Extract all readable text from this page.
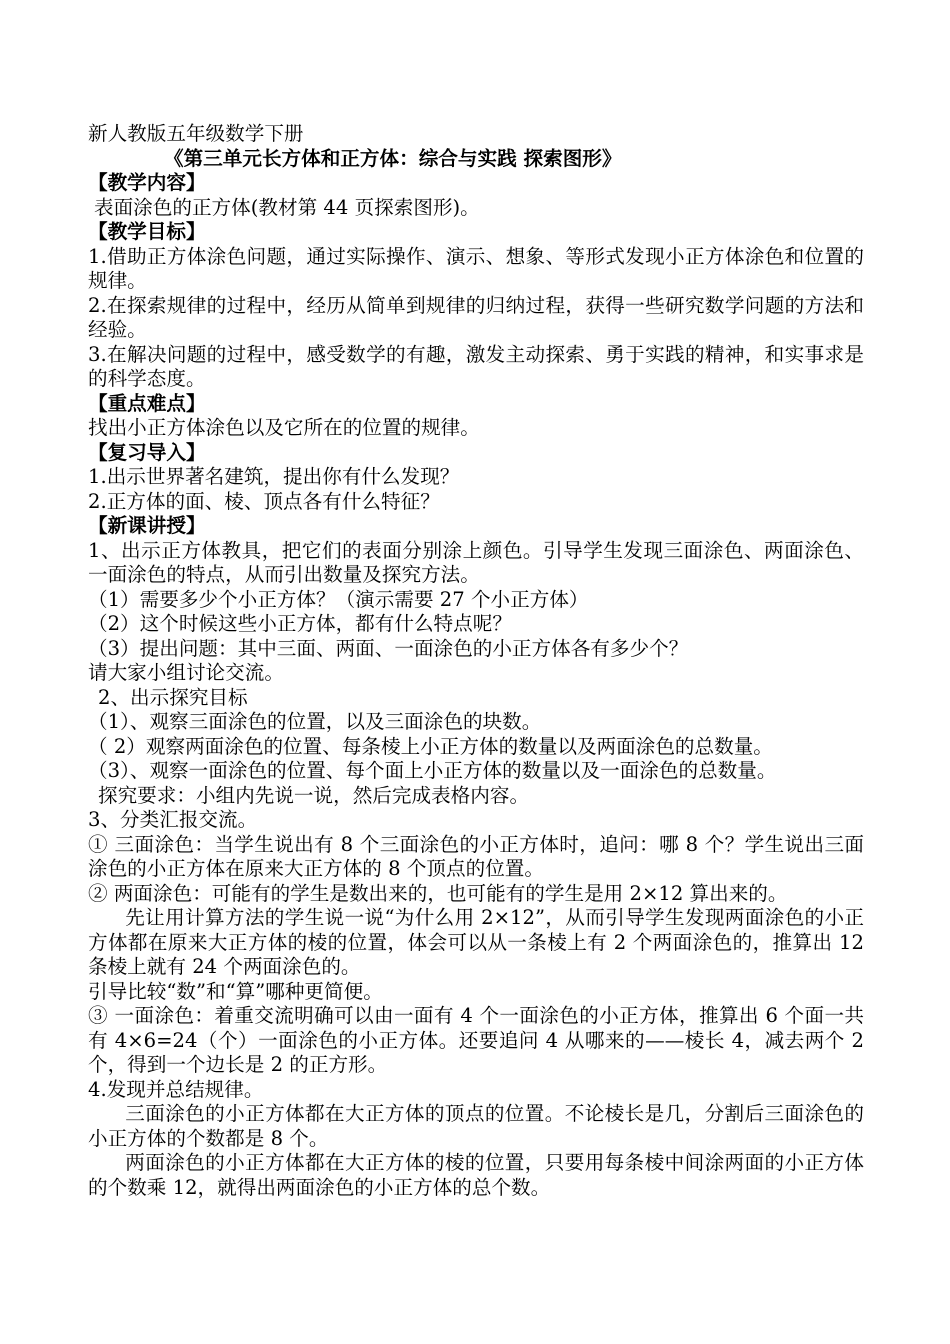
新人教版五年级数学下册
《第三单元长方体和正方体：综合与实践 探索图形》
【教学内容】
表面涂色的正方体(教材第 44 页探索图形)。
【教学目标】
1.借助正方体涂色问题，通过实际操作、演示、想象、等形式发现小正方体涂色和位置的规律。
2.在探索规律的过程中，经历从简单到规律的归纳过程，获得一些研究数学问题的方法和经验。
3.在解决问题的过程中，感受数学的有趣，激发主动探索、勇于实践的精神，和实事求是的科学态度。
【重点难点】
找出小正方体涂色以及它所在的位置的规律。
【复习导入】
1.出示世界著名建筑，提出你有什么发现？
2.正方体的面、棱、顶点各有什么特征？
【新课讲授】
1、出示正方体教具，把它们的表面分别涂上颜色。引导学生发现三面涂色、两面涂色、一面涂色的特点，从而引出数量及探究方法。
（1）需要多少个小正方体？（演示需要 27 个小正方体）
（2）这个时候这些小正方体，都有什么特点呢？
（3）提出问题：其中三面、两面、一面涂色的小正方体各有多少个？
请大家小组讨论交流。
2、出示探究目标
（1）、观察三面涂色的位置，以及三面涂色的块数。
（ 2）观察两面涂色的位置、每条棱上小正方体的数量以及两面涂色的总数量。
（3）、观察一面涂色的位置、每个面上小正方体的数量以及一面涂色的总数量。
探究要求：小组内先说一说，然后完成表格内容。
3、分类汇报交流。
① 三面涂色：当学生说出有 8 个三面涂色的小正方体时，追问：哪 8 个？学生说出三面涂色的小正方体在原来大正方体的 8 个顶点的位置。
② 两面涂色：可能有的学生是数出来的，也可能有的学生是用 2×12 算出来的。
先让用计算方法的学生说一说“为什么用 2×12”，从而引导学生发现两面涂色的小正方体都在原来大正方体的棱的位置，体会可以从一条棱上有 2 个两面涂色的，推算出 12 条棱上就有 24 个两面涂色的。
引导比较“数”和“算”哪种更简便。
③ 一面涂色：着重交流明确可以由一面有 4 个一面涂色的小正方体，推算出 6 个面一共有 4×6=24（个）一面涂色的小正方体。还要追问 4 从哪来的——棱长 4，减去两个 2 个，得到一个边长是 2 的正方形。
4.发现并总结规律。
三面涂色的小正方体都在大正方体的顶点的位置。不论棱长是几，分割后三面涂色的小正方体的个数都是 8 个。
两面涂色的小正方体都在大正方体的棱的位置，只要用每条棱中间涂两面的小正方体的个数乘 12，就得出两面涂色的小正方体的总个数。
